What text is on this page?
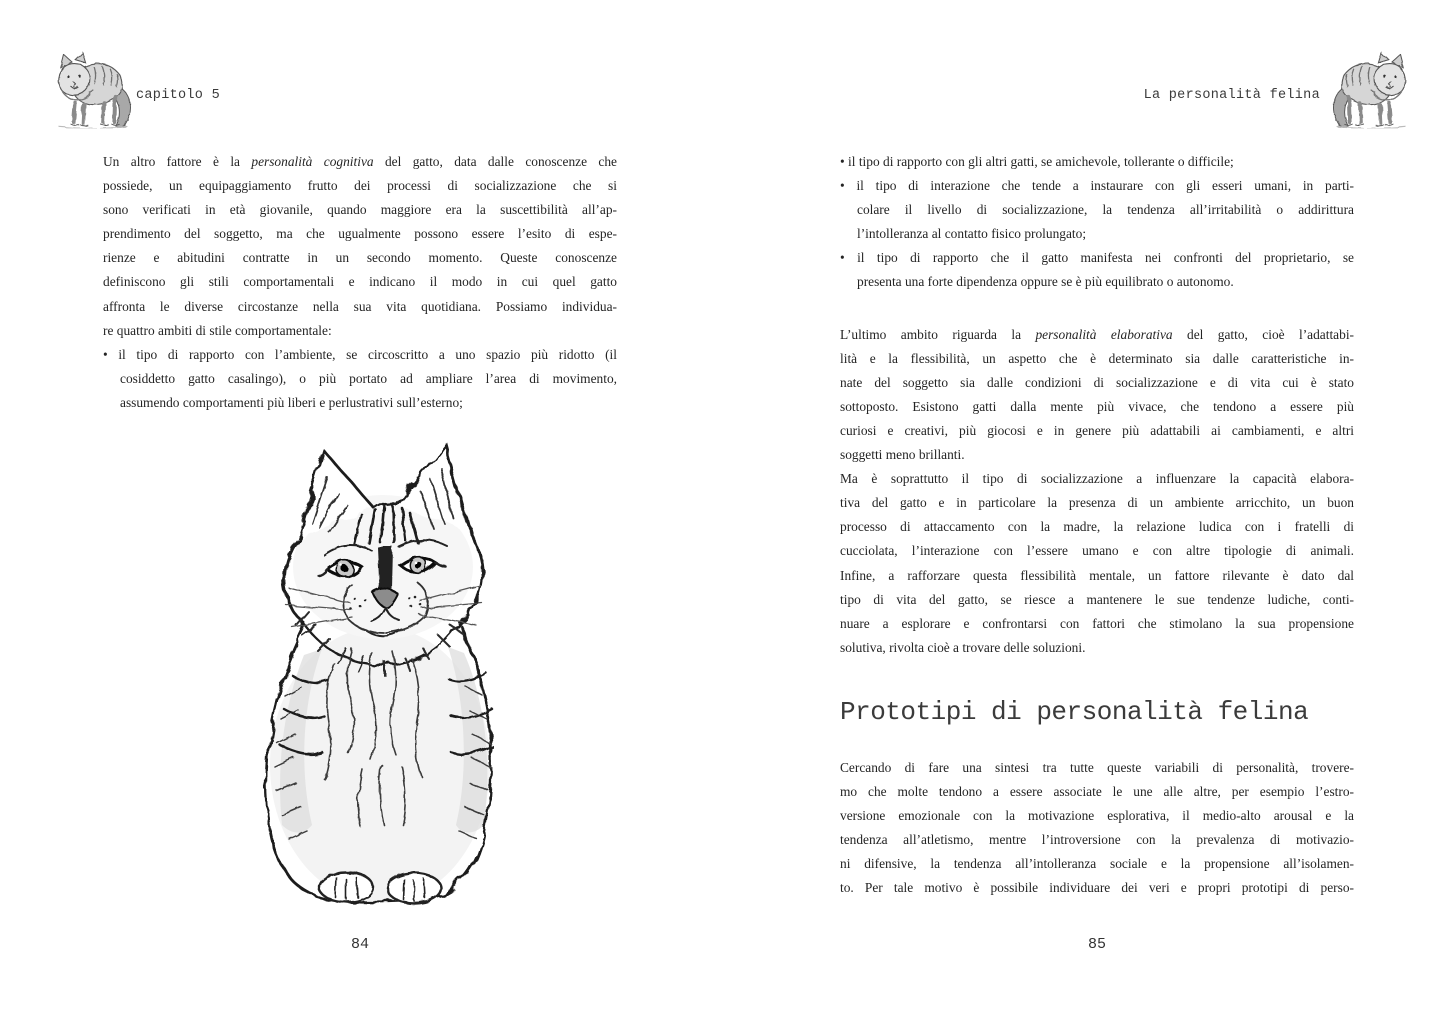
capitolo 5
Un altro fattore è la personalità cognitiva del gatto, data dalle conoscenze che
possiede, un equipaggiamento frutto dei processi di socializzazione che si
sono verificati in età giovanile, quando maggiore era la suscettibilità all’ap-
prendimento del soggetto, ma che ugualmente possono essere l’esito di espe-
rienze e abitudini contratte in un secondo momento. Queste conoscenze
definiscono gli stili comportamentali e indicano il modo in cui quel gatto
affronta le diverse circostanze nella sua vita quotidiana. Possiamo individua-
re quattro ambiti di stile comportamentale:
• il tipo di rapporto con l’ambiente, se circoscritto a uno spazio più ridotto (il
cosiddetto gatto casalingo), o più portato ad ampliare l’area di movimento,
assumendo comportamenti più liberi e perlustrativi sull’esterno;
84
La personalità felina
• il tipo di rapporto con gli altri gatti, se amichevole, tollerante o difficile;
• il tipo di interazione che tende a instaurare con gli esseri umani, in parti-
colare il livello di socializzazione, la tendenza all’irritabilità o addirittura
l’intolleranza al contatto fisico prolungato;
• il tipo di rapporto che il gatto manifesta nei confronti del proprietario, se
presenta una forte dipendenza oppure se è più equilibrato o autonomo.
L’ultimo ambito riguarda la personalità elaborativa del gatto, cioè l’adattabi-
lità e la flessibilità, un aspetto che è determinato sia dalle caratteristiche in-
nate del soggetto sia dalle condizioni di socializzazione e di vita cui è stato
sottoposto. Esistono gatti dalla mente più vivace, che tendono a essere più
curiosi e creativi, più giocosi e in genere più adattabili ai cambiamenti, e altri
soggetti meno brillanti.
Ma è soprattutto il tipo di socializzazione a influenzare la capacità elabora-
tiva del gatto e in particolare la presenza di un ambiente arricchito, un buon
processo di attaccamento con la madre, la relazione ludica con i fratelli di
cucciolata, l’interazione con l’essere umano e con altre tipologie di animali.
Infine, a rafforzare questa flessibilità mentale, un fattore rilevante è dato dal
tipo di vita del gatto, se riesce a mantenere le sue tendenze ludiche, conti-
nuare a esplorare e confrontarsi con fattori che stimolano la sua propensione
solutiva, rivolta cioè a trovare delle soluzioni.
Prototipi di personalità felina
Cercando di fare una sintesi tra tutte queste variabili di personalità, trovere-
mo che molte tendono a essere associate le une alle altre, per esempio l’estro-
versione emozionale con la motivazione esplorativa, il medio-alto arousal e la
tendenza all’atletismo, mentre l’introversione con la prevalenza di motivazio-
ni difensive, la tendenza all’intolleranza sociale e la propensione all’isolamen-
to. Per tale motivo è possibile individuare dei veri e propri prototipi di perso-
85
